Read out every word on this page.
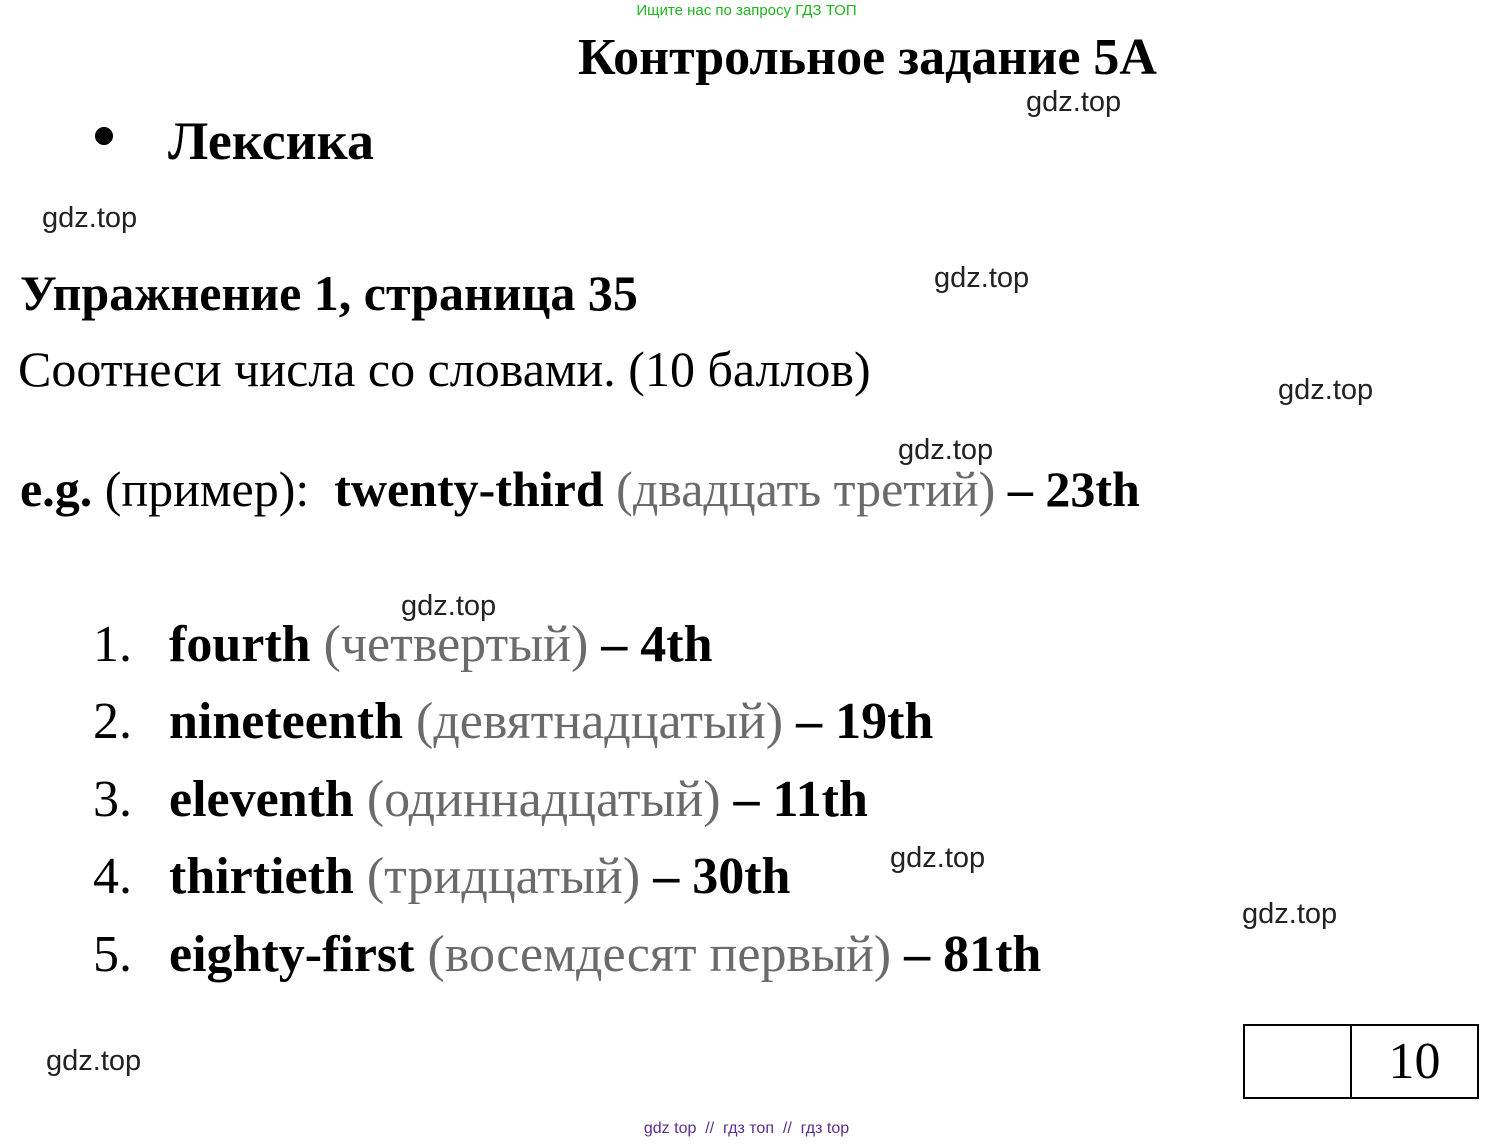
Ищите нас по запросу ГДЗ ТОП
Контрольное задание 5А
Лексика
Упражнение 1, страница 35
Соотнеси числа со словами. (10 баллов)
e.g. (пример):  twenty-third (двадцать третий) – 23th
1. fourth (четвертый) – 4th
2. nineteenth (девятнадцатый) – 19th
3. eleventh (одиннадцатый) – 11th
4. thirtieth (тридцатый) – 30th
5. eighty-first (восемдесят первый) – 81th
gdz.top
gdz.top
gdz.top
gdz.top
gdz.top
gdz.top
gdz.top
gdz.top
gdz.top	10
gdz top  //  гдз топ  //  гдз top
